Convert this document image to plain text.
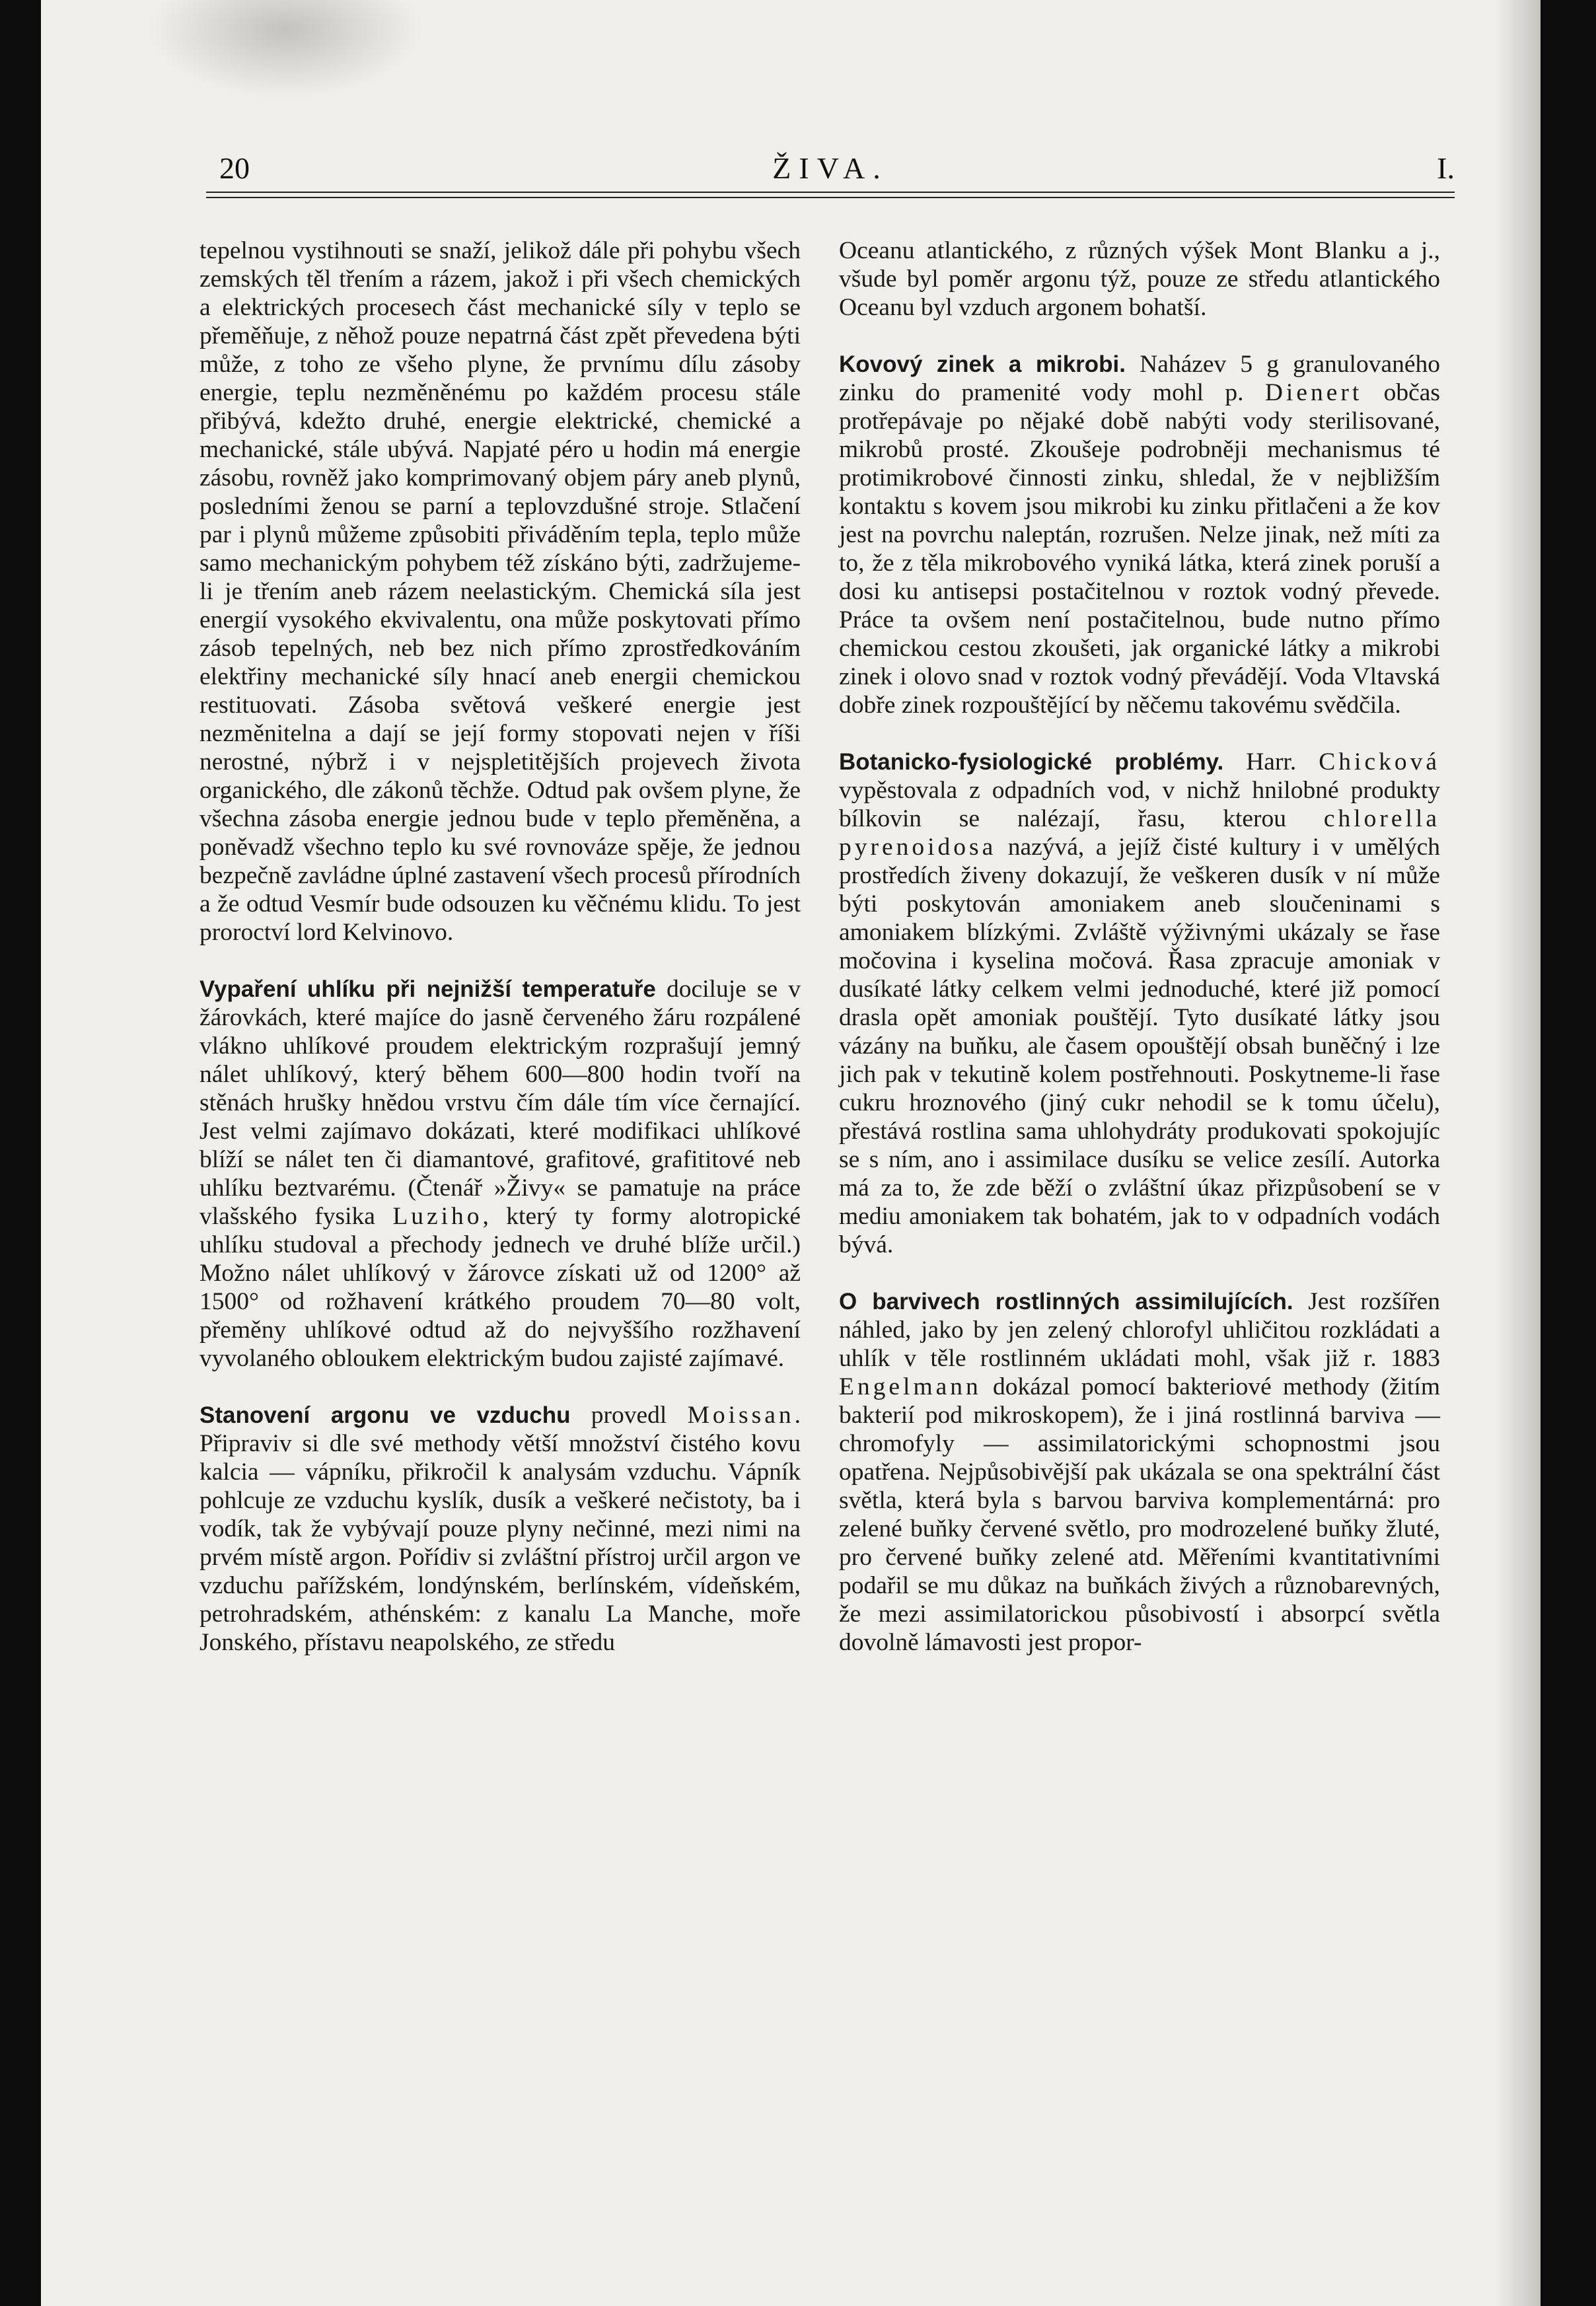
20	ŽIVA.	I.

tepelnou vystihnouti se snaží, jelikož dále při pohybu všech zemských těl třením a rázem, jakož i při všech chemických a elektrických procesech část mechanické síly v teplo se přeměňuje, z něhož pouze nepatrná část zpět převedena býti může, z toho ze všeho plyne, že prvnímu dílu zásoby energie, teplu nezměněnému po každém procesu stále přibývá, kdežto druhé, energie elektrické, chemické a mechanické, stále ubývá. Napjaté péro u hodin má energie zásobu, rovněž jako komprimovaný objem páry aneb plynů, posledními ženou se parní a teplovzdušné stroje. Stlačení par i plynů můžeme způsobiti přiváděním tepla, teplo může samo mechanickým pohybem též získáno býti, zadržujeme-li je třením aneb rázem neelastickým. Chemická síla jest energií vysokého ekvivalentu, ona může poskytovati přímo zásob tepelných, neb bez nich přímo zprostředkováním elektřiny mechanické síly hnací aneb energii chemickou restituovati. Zásoba světová veškeré energie jest nezměnitelna a dají se její formy stopovati nejen v říši nerostné, nýbrž i v nejspletitějších projevech života organického, dle zákonů těchže. Odtud pak ovšem plyne, že všechna zásoba energie jednou bude v teplo přeměněna, a poněvadž všechno teplo ku své rovnováze spěje, že jednou bezpečně zavládne úplné zastavení všech procesů přírodních a že odtud Vesmír bude odsouzen ku věčnému klidu. To jest proroctví lord Kelvinovo.

Vypaření uhlíku při nejnižší temperatuře dociluje se v žárovkách, které majíce do jasně červeného žáru rozpálené vlákno uhlíkové proudem elektrickým rozprašují jemný nálet uhlíkový, který během 600—800 hodin tvoří na stěnách hrušky hnědou vrstvu čím dále tím více černající. Jest velmi zajímavo dokázati, které modifikaci uhlíkové blíží se nálet ten či diamantové, grafitové, grafititové neb uhlíku beztvarému. (Čtenář »Živy« se pamatuje na práce vlašského fysika Luziho, který ty formy alotropické uhlíku studoval a přechody jednech ve druhé blíže určil.) Možno nálet uhlíkový v žárovce získati už od 1200° až 1500° od rožhavení krátkého proudem 70—80 volt, přeměny uhlíkové odtud až do nejvyššího rozžhavení vyvolaného obloukem elektrickým budou zajisté zajímavé.

Stanovení argonu ve vzduchu provedl Moissan. Připraviv si dle své methody větší množství čistého kovu kalcia — vápníku, přikročil k analysám vzduchu. Vápník pohlcuje ze vzduchu kyslík, dusík a veškeré nečistoty, ba i vodík, tak že vybývají pouze plyny nečinné, mezi nimi na prvém místě argon. Pořídiv si zvláštní přístroj určil argon ve vzduchu pařížském, londýnském, berlínském, vídeňském, petrohradském, athénském: z kanalu La Manche, moře Jonského, přístavu neapolského, ze středu

Oceanu atlantického, z různých výšek Mont Blanku a j., všude byl poměr argonu týž, pouze ze středu atlantického Oceanu byl vzduch argonem bohatší.

Kovový zinek a mikrobi. Naházev 5 g granulovaného zinku do pramenité vody mohl p. Dienert občas protřepávaje po nějaké době nabýti vody sterilisované, mikrobů prosté. Zkoušeje podrobněji mechanismus té protimikrobové činnosti zinku, shledal, že v nejbližším kontaktu s kovem jsou mikrobi ku zinku přitlačeni a že kov jest na povrchu naleptán, rozrušen. Nelze jinak, než míti za to, že z těla mikrobového vyniká látka, která zinek poruší a dosi ku antisepsi postačitelnou v roztok vodný převede. Práce ta ovšem není postačitelnou, bude nutno přímo chemickou cestou zkoušeti, jak organické látky a mikrobi zinek i olovo snad v roztok vodný převádějí. Voda Vltavská dobře zinek rozpouštějící by něčemu takovému svědčila.

Botanicko-fysiologické problémy. Harr. Chicková vypěstovala z odpadních vod, v nichž hnilobné produkty bílkovin se nalézají, řasu, kterou chlorella pyrenoidosa nazývá, a jejíž čisté kultury i v umělých prostředích živeny dokazují, že veškeren dusík v ní může býti poskytován amoniakem aneb sloučeninami s amoniakem blízkými. Zvláště výživnými ukázaly se řase močovina i kyselina močová. Řasa zpracuje amoniak v dusíkaté látky celkem velmi jednoduché, které již pomocí drasla opět amoniak pouštějí. Tyto dusíkaté látky jsou vázány na buňku, ale časem opouštějí obsah buněčný i lze jich pak v tekutině kolem postřehnouti. Poskytneme-li řase cukru hroznového (jiný cukr nehodil se k tomu účelu), přestává rostlina sama uhlohydráty produkovati spokojujíc se s ním, ano i assimilace dusíku se velice zesílí. Autorka má za to, že zde běží o zvláštní úkaz přizpůsobení se v mediu amoniakem tak bohatém, jak to v odpadních vodách bývá.

O barvivech rostlinných assimilujících. Jest rozšířen náhled, jako by jen zelený chlorofyl uhličitou rozkládati a uhlík v těle rostlinném ukládati mohl, však již r. 1883 Engelmann dokázal pomocí bakteriové methody (žitím bakterií pod mikroskopem), že i jiná rostlinná barviva — chromofyly — assimilatorickými schopnostmi jsou opatřena. Nejpůsobivější pak ukázala se ona spektrální část světla, která byla s barvou barviva komplementárná: pro zelené buňky červené světlo, pro modrozelené buňky žluté, pro červené buňky zelené atd. Měřeními kvantitativními podařil se mu důkaz na buňkách živých a různobarevných, že mezi assimilatorickou působivostí i absorpcí světla dovolně lámavosti jest propor-
